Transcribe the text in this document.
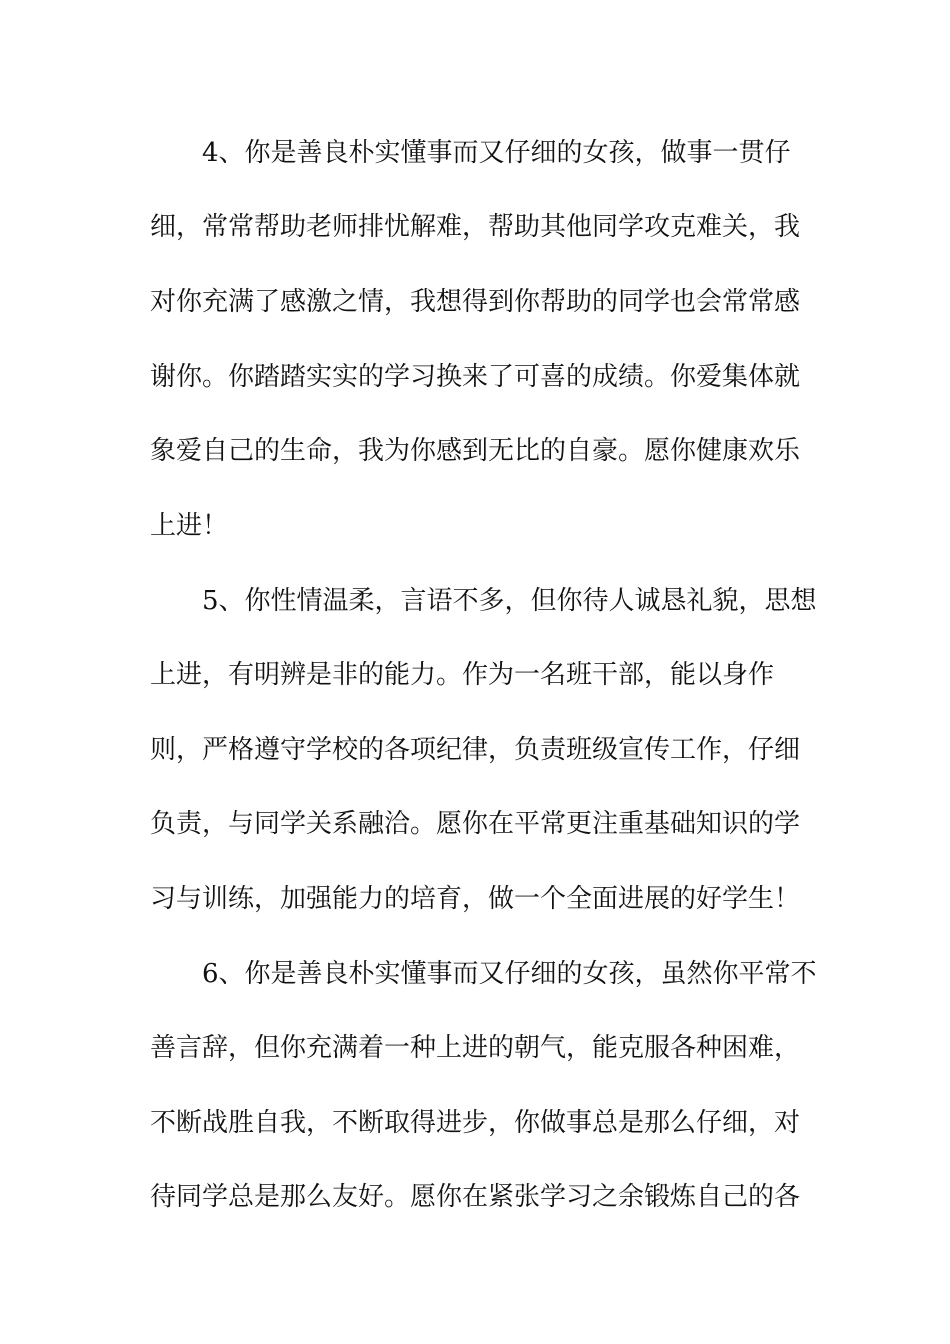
4、你是善良朴实懂事而又仔细的女孩，做事一贯仔
细，常常帮助老师排忧解难，帮助其他同学攻克难关，我
对你充满了感激之情，我想得到你帮助的同学也会常常感
谢你。你踏踏实实的学习换来了可喜的成绩。你爱集体就
象爱自己的生命，我为你感到无比的自豪。愿你健康欢乐
上进！
5、你性情温柔，言语不多，但你待人诚恳礼貌，思想
上进，有明辨是非的能力。作为一名班干部，能以身作
则，严格遵守学校的各项纪律，负责班级宣传工作，仔细
负责，与同学关系融洽。愿你在平常更注重基础知识的学
习与训练，加强能力的培育，做一个全面进展的好学生！
6、你是善良朴实懂事而又仔细的女孩，虽然你平常不
善言辞，但你充满着一种上进的朝气，能克服各种困难，
不断战胜自我，不断取得进步，你做事总是那么仔细，对
待同学总是那么友好。愿你在紧张学习之余锻炼自己的各
